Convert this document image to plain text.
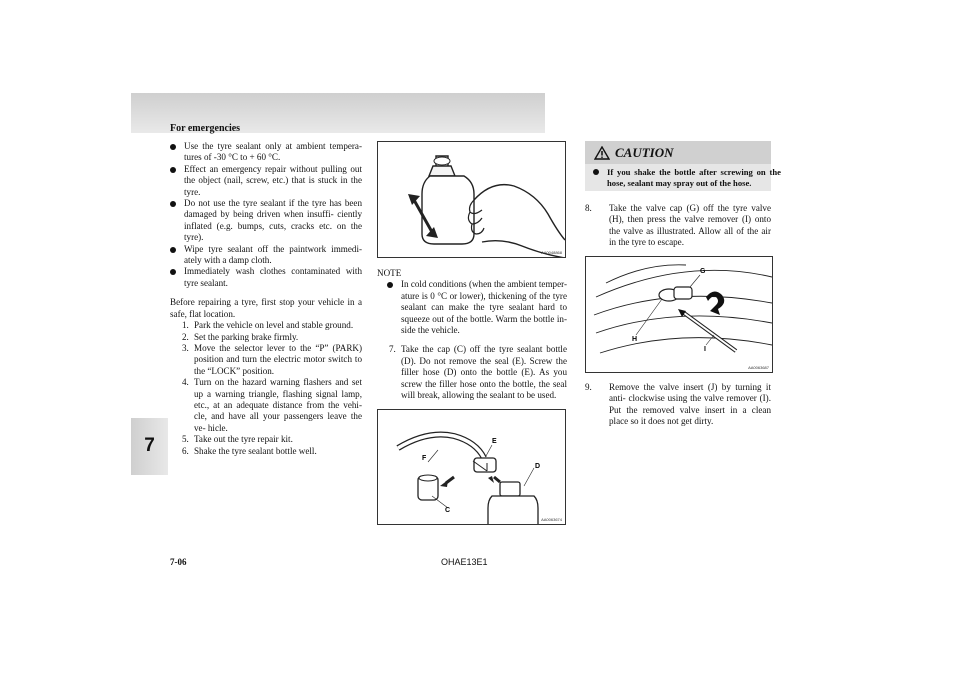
For emergencies
7

Use the tyre sealant only at ambient tempera- tures of -30 °C to + 60 °C.

Effect an emergency repair without pulling out the object (nail, screw, etc.) that is stuck in the tyre.

Do not use the tyre sealant if the tyre has been damaged by being driven when insuffi- ciently inflated (e.g. bumps, cuts, cracks etc. on the tyre).

Wipe tyre sealant off the paintwork immedi- ately with a damp cloth.

Immediately wash clothes contaminated with tyre sealant.

Before repairing a tyre, first stop your vehicle in a safe, flat location.

1. Park the vehicle on level and stable ground.

2. Set the parking brake firmly.

3. Move the selector lever to the “P” (PARK) position and turn the electric motor switch to the “LOCK” position.

4. Turn on the hazard warning flashers and set up a warning triangle, flashing signal lamp, etc., at an adequate distance from the vehi- cle, and have all your passengers leave the ve- hicle.

5. Take out the tyre repair kit.

6. Shake the tyre sealant bottle well.

AA0048868

NOTE

In cold conditions (when the ambient temper- ature is 0 °C or lower), thickening of the tyre sealant can make the tyre sealant hard to squeeze out of the bottle. Warm the bottle in- side the vehicle.

7. Take the cap (C) off the tyre sealant bottle (D). Do not remove the seal (E). Screw the filler hose (D) onto the bottle (E). As you screw the filler hose onto the bottle, the seal will break, allowing the sealant to be used.

E
D
F
C
AA0063674
CAUTION

If you shake the bottle after screwing on the hose, sealant may spray out of the hose.

8. Take the valve cap (G) off the tyre valve (H), then press the valve remover (I) onto the valve as illustrated. Allow all of the air in the tyre to escape.

G
H
I
AA0063687

9. Remove the valve insert (J) by turning it anti- clockwise using the valve remover (I). Put the removed valve insert in a clean place so it does not get dirty.

7-06	OHAE13E1
